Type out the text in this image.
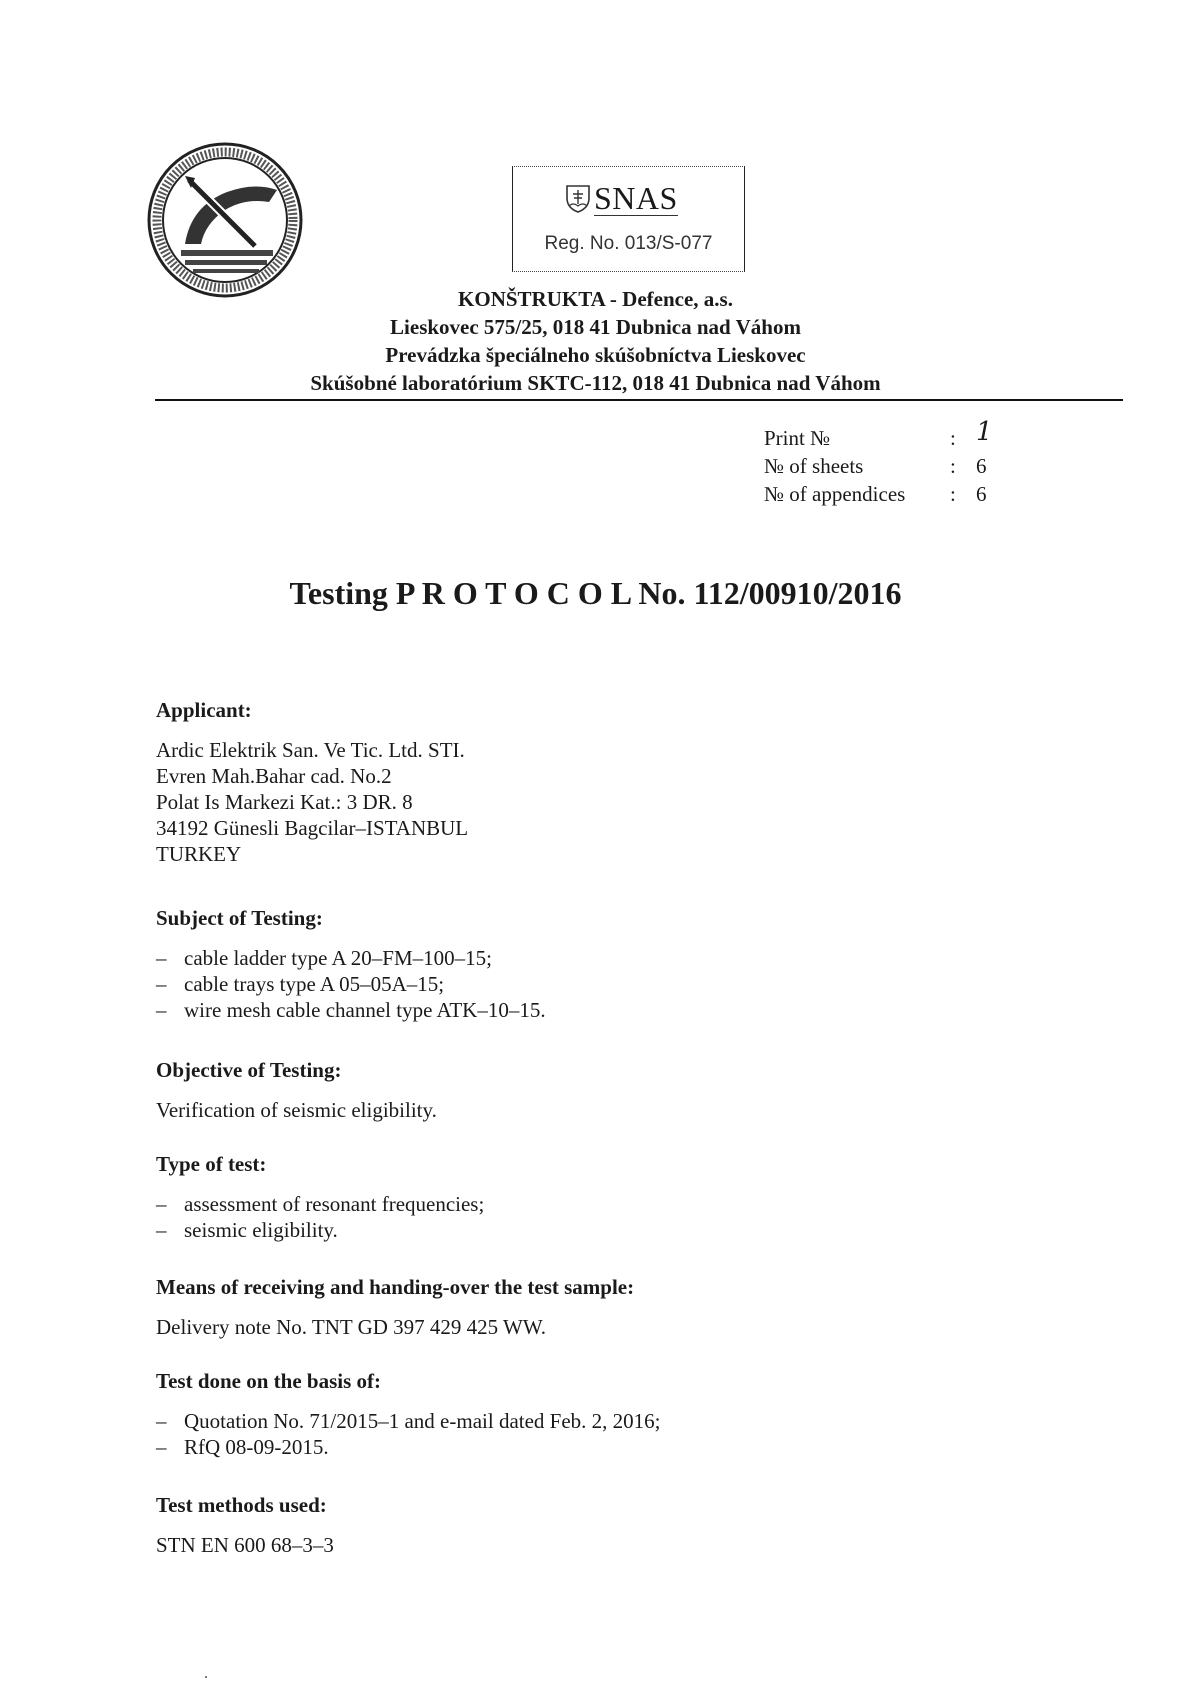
SNAS
Reg. No. 013/S-077
KONŠTRUKTA - Defence, a.s.
Lieskovec 575/25, 018 41 Dubnica nad Váhom
Prevádzka špeciálneho skúšobníctva Lieskovec
Skúšobné laboratórium SKTC-112, 018 41 Dubnica nad Váhom
Print №	: 1
№ of sheets	: 6
№ of appendices : 6
Testing P R O T O C O L No. 112/00910/2016
Applicant:
Ardic Elektrik San. Ve Tic. Ltd. STI.
Evren Mah.Bahar cad. No.2
Polat Is Markezi Kat.: 3 DR. 8
34192 Günesli Bagcilar–ISTANBUL
TURKEY
Subject of Testing:
– cable ladder type A 20–FM–100–15;
– cable trays type A 05–05A–15;
– wire mesh cable channel type ATK–10–15.
Objective of Testing:
Verification of seismic eligibility.
Type of test:
– assessment of resonant frequencies;
– seismic eligibility.
Means of receiving and handing-over the test sample:
Delivery note No. TNT GD 397 429 425 WW.
Test done on the basis of:
– Quotation No. 71/2015–1 and e-mail dated Feb. 2, 2016;
– RfQ 08-09-2015.
Test methods used:
STN EN 600 68–3–3
